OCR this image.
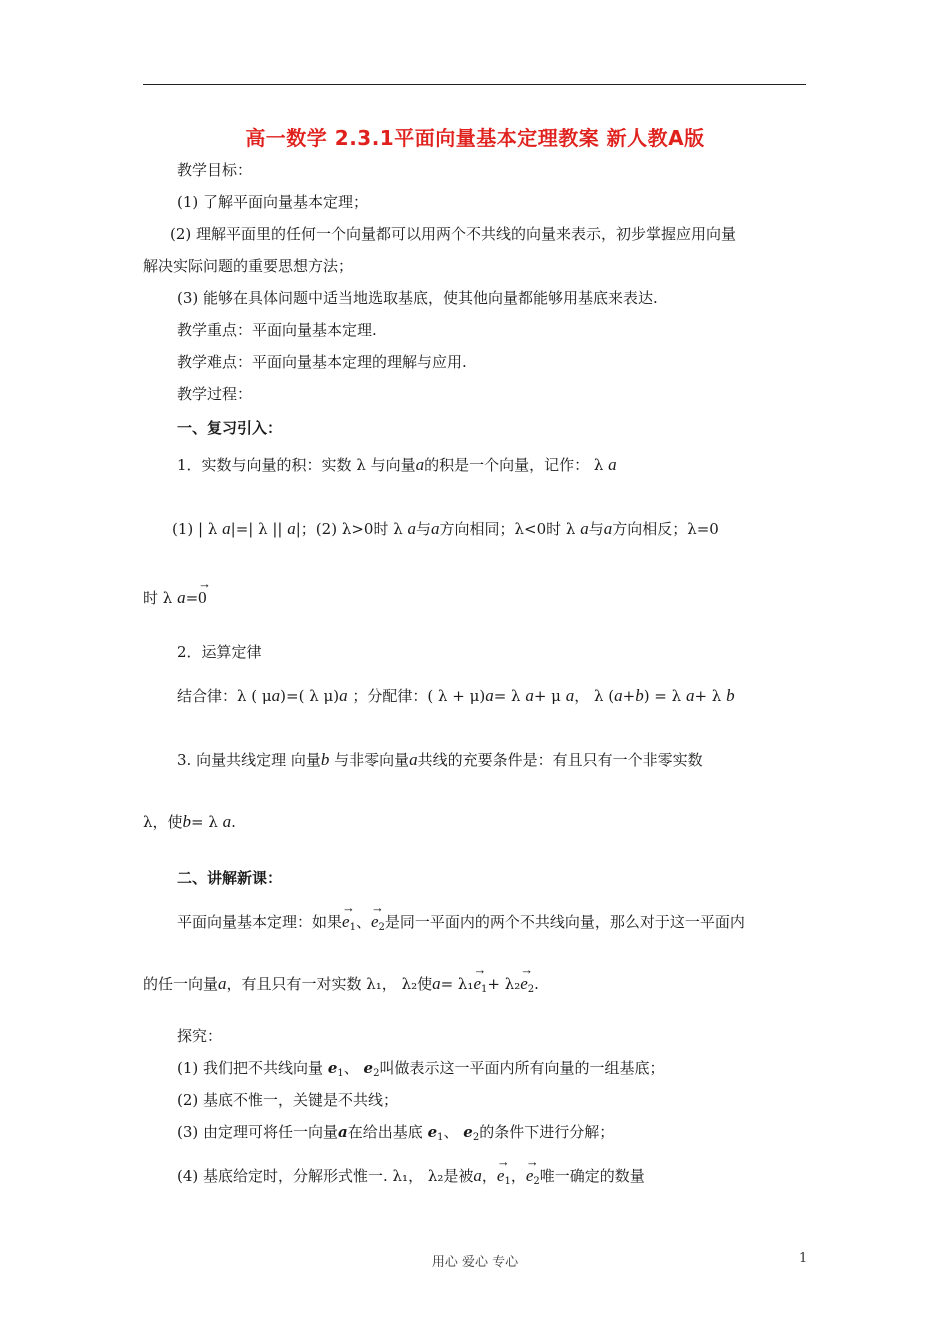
高一数学 2.3.1平面向量基本定理教案 新人教A版
教学目标：
(1) 了解平面向量基本定理；
(2) 理解平面里的任何一个向量都可以用两个不共线的向量来表示，初步掌握应用向量
解决实际问题的重要思想方法；
(3) 能够在具体问题中适当地选取基底，使其他向量都能够用基底来表达.
教学重点：平面向量基本定理.
教学难点：平面向量基本定理的理解与应用.
教学过程：
一、复习引入：
1．实数与向量的积：实数 λ 与向量a的积是一个向量，记作： λ a
(1) | λ a|=| λ || a|；(2) λ>0时 λ a与a方向相同；λ<0时 λ a与a方向相反；λ=0
时 λ a=→ 0
2．运算定律
结合律：λ ( μa)=( λ μ)a ；分配律：( λ + μ)a= λ a+ μ a， λ (a+b) = λ a+ λ b
3. 向量共线定理 向量b 与非零向量a共线的充要条件是：有且只有一个非零实数
λ，使b= λ a.
二、讲解新课：
平面向量基本定理：如果→ $e_1$、→ $e_2$是同一平面内的两个不共线向量，那么对于这一平面内
的任一向量a，有且只有一对实数 λ₁， λ₂使$a= \lambda_1\to e_1+ \lambda_2\to e_2$.
探究：
(1) 我们把不共线向量 $e_1$、 $e_2$叫做表示这一平面内所有向量的一组基底；
(2) 基底不惟一，关键是不共线；
(3) 由定理可将任一向量a在给出基底 $e_1$、 $e_2$的条件下进行分解；
(4) 基底给定时，分解形式惟一. λ₁， λ₂是被a，→ $e_1$，→ $e_2$唯一确定的数量
用心 爱心 专心	1
